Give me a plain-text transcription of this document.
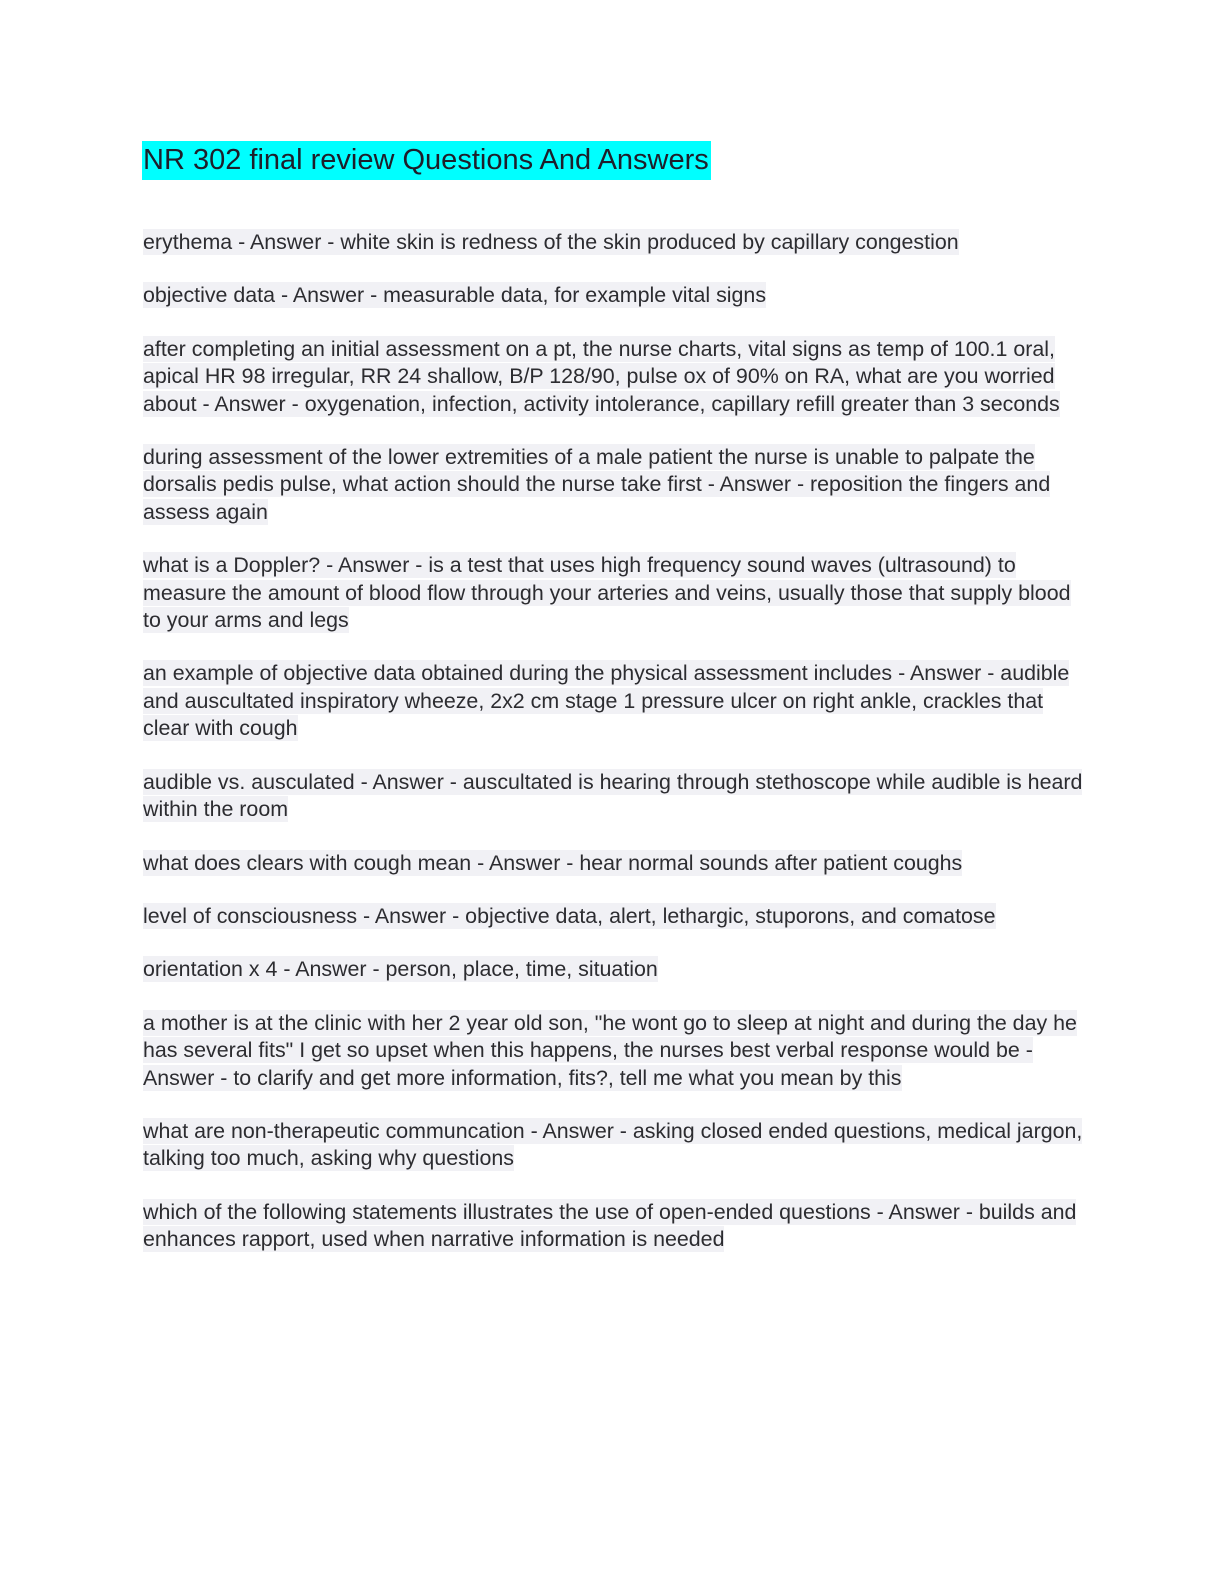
NR 302 final review Questions And Answers
erythema - Answer - white skin is redness of the skin produced by capillary congestion
objective data - Answer - measurable data, for example vital signs
after completing an initial assessment on a pt, the nurse charts, vital signs as temp of 100.1 oral, apical HR 98 irregular, RR 24 shallow, B/P 128/90, pulse ox of 90% on RA, what are you worried about - Answer - oxygenation, infection, activity intolerance, capillary refill greater than 3 seconds
during assessment of the lower extremities of a male patient the nurse is unable to palpate the dorsalis pedis pulse, what action should the nurse take first - Answer - reposition the fingers and assess again
what is a Doppler? - Answer - is a test that uses high frequency sound waves (ultrasound) to measure the amount of blood flow through your arteries and veins, usually those that supply blood to your arms and legs
an example of objective data obtained during the physical assessment includes - Answer - audible and auscultated inspiratory wheeze, 2x2 cm stage 1 pressure ulcer on right ankle, crackles that clear with cough
audible vs. ausculated - Answer - auscultated is hearing through stethoscope while audible is heard within the room
what does clears with cough mean - Answer - hear normal sounds after patient coughs
level of consciousness - Answer - objective data, alert, lethargic, stuporons, and comatose
orientation x 4 - Answer - person, place, time, situation
a mother is at the clinic with her 2 year old son, "he wont go to sleep at night and during the day he has several fits" I get so upset when this happens, the nurses best verbal response would be - Answer - to clarify and get more information, fits?, tell me what you mean by this
what are non-therapeutic communcation - Answer - asking closed ended questions, medical jargon, talking too much, asking why questions
which of the following statements illustrates the use of open-ended questions - Answer - builds and enhances rapport, used when narrative information is needed
